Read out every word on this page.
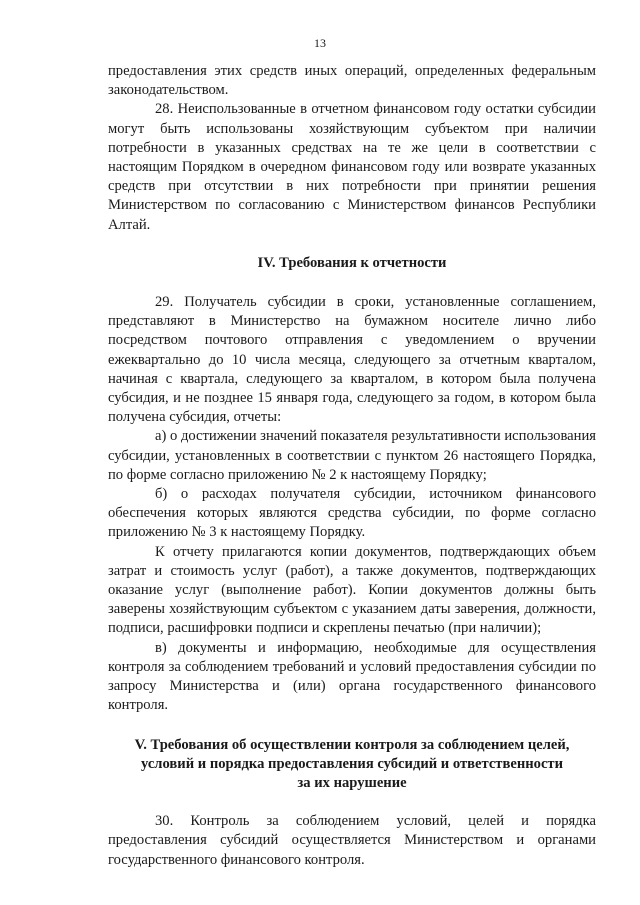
13

предоставления этих средств иных операций, определенных федеральным законодательством.

28. Неиспользованные в отчетном финансовом году остатки субсидии могут быть использованы хозяйствующим субъектом при наличии потребности в указанных средствах на те же цели в соответствии с настоящим Порядком в очередном финансовом году или возврате указанных средств при отсутствии в них потребности при принятии решения Министерством по согласованию с Министерством финансов Республики Алтай.

IV. Требования к отчетности

29. Получатель субсидии в сроки, установленные соглашением, представляют в Министерство на бумажном носителе лично либо посредством почтового отправления с уведомлением о вручении ежеквартально до 10 числа месяца, следующего за отчетным кварталом, начиная с квартала, следующего за кварталом, в котором была получена субсидия, и не позднее 15 января года, следующего за годом, в котором была получена субсидия, отчеты:

а) о достижении значений показателя результативности использования субсидии, установленных в соответствии с пунктом 26 настоящего Порядка, по форме согласно приложению № 2 к настоящему Порядку;

б) о расходах получателя субсидии, источником финансового обеспечения которых являются средства субсидии, по форме согласно приложению № 3 к настоящему Порядку.

К отчету прилагаются копии документов, подтверждающих объем затрат и стоимость услуг (работ), а также документов, подтверждающих оказание услуг (выполнение работ). Копии документов должны быть заверены хозяйствующим субъектом с указанием даты заверения, должности, подписи, расшифровки подписи и скреплены печатью (при наличии);

в) документы и информацию, необходимые для осуществления контроля за соблюдением требований и условий предоставления субсидии по запросу Министерства и (или) органа государственного финансового контроля.

V. Требования об осуществлении контроля за соблюдением целей,
условий и порядка предоставления субсидий и ответственности
за их нарушение

30. Контроль за соблюдением условий, целей и порядка предоставления субсидий осуществляется Министерством и органами государственного финансового контроля.
